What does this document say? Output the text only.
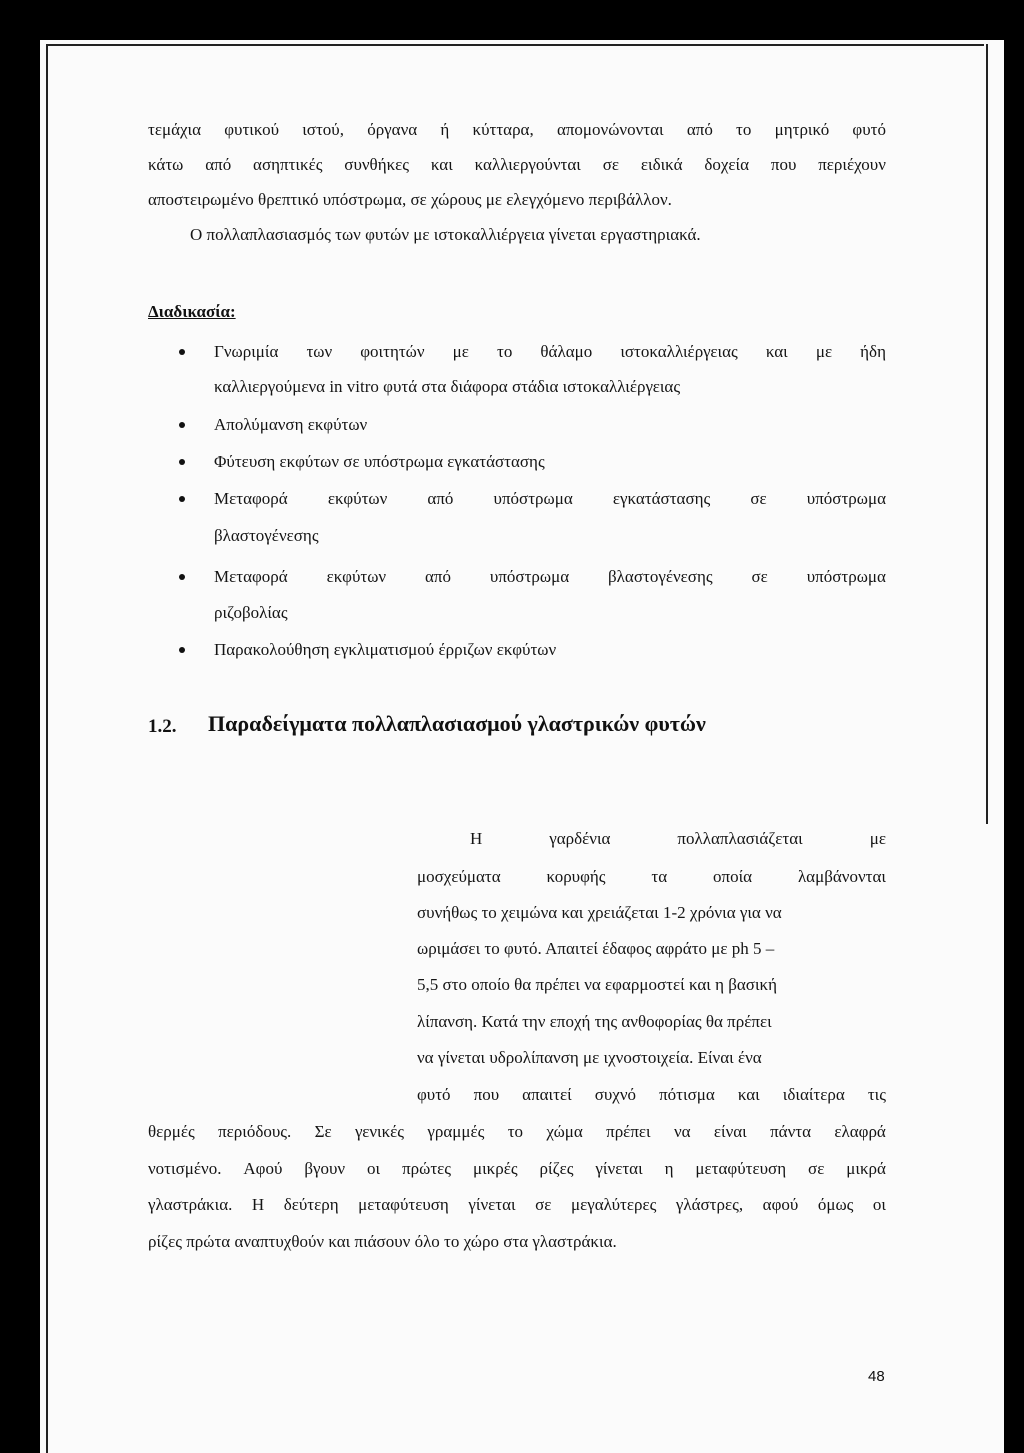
τεμάχια φυτικού ιστού, όργανα ή κύτταρα, απομονώνονται από το μητρικό φυτό
κάτω από ασηπτικές συνθήκες και καλλιεργούνται σε ειδικά δοχεία που περιέχουν
αποστειρωμένο θρεπτικό υπόστρωμα, σε χώρους με ελεγχόμενο περιβάλλον.
Ο πολλαπλασιασμός των φυτών με ιστοκαλλιέργεια γίνεται εργαστηριακά.
Διαδικασία:
Γνωριμία των φοιτητών με το θάλαμο ιστοκαλλιέργειας και με ήδη
καλλιεργούμενα in vitro φυτά στα διάφορα στάδια ιστοκαλλιέργειας
Απολύμανση εκφύτων
Φύτευση εκφύτων σε υπόστρωμα εγκατάστασης
Μεταφορά εκφύτων από υπόστρωμα εγκατάστασης σε υπόστρωμα
βλαστογένεσης
Μεταφορά εκφύτων από υπόστρωμα βλαστογένεσης σε υπόστρωμα
ριζοβολίας
Παρακολούθηση εγκλιματισμού έρριζων εκφύτων
1.2. Παραδείγματα πολλαπλασιασμού γλαστρικών φυτών
Η	γαρδένια	πολλαπλασιάζεται	με
μοσχεύματα	κορυφής	τα	οποία	λαμβάνονται
συνήθως το χειμώνα και χρειάζεται 1-2 χρόνια για να
ωριμάσει το φυτό. Απαιτεί έδαφος αφράτο με ph 5 –
5,5 στο οποίο θα πρέπει να εφαρμοστεί και η βασική
λίπανση. Κατά την εποχή της ανθοφορίας θα πρέπει
να γίνεται υδρολίπανση με ιχνοστοιχεία. Είναι ένα
φυτό που απαιτεί συχνό πότισμα και ιδιαίτερα τις
θερμές περιόδους. Σε γενικές γραμμές το χώμα πρέπει να είναι πάντα ελαφρά
νοτισμένο. Αφού βγουν οι πρώτες μικρές ρίζες γίνεται η μεταφύτευση σε μικρά
γλαστράκια. Η δεύτερη μεταφύτευση γίνεται σε μεγαλύτερες γλάστρες, αφού όμως οι
ρίζες πρώτα αναπτυχθούν και πιάσουν όλο το χώρο στα γλαστράκια.
48
